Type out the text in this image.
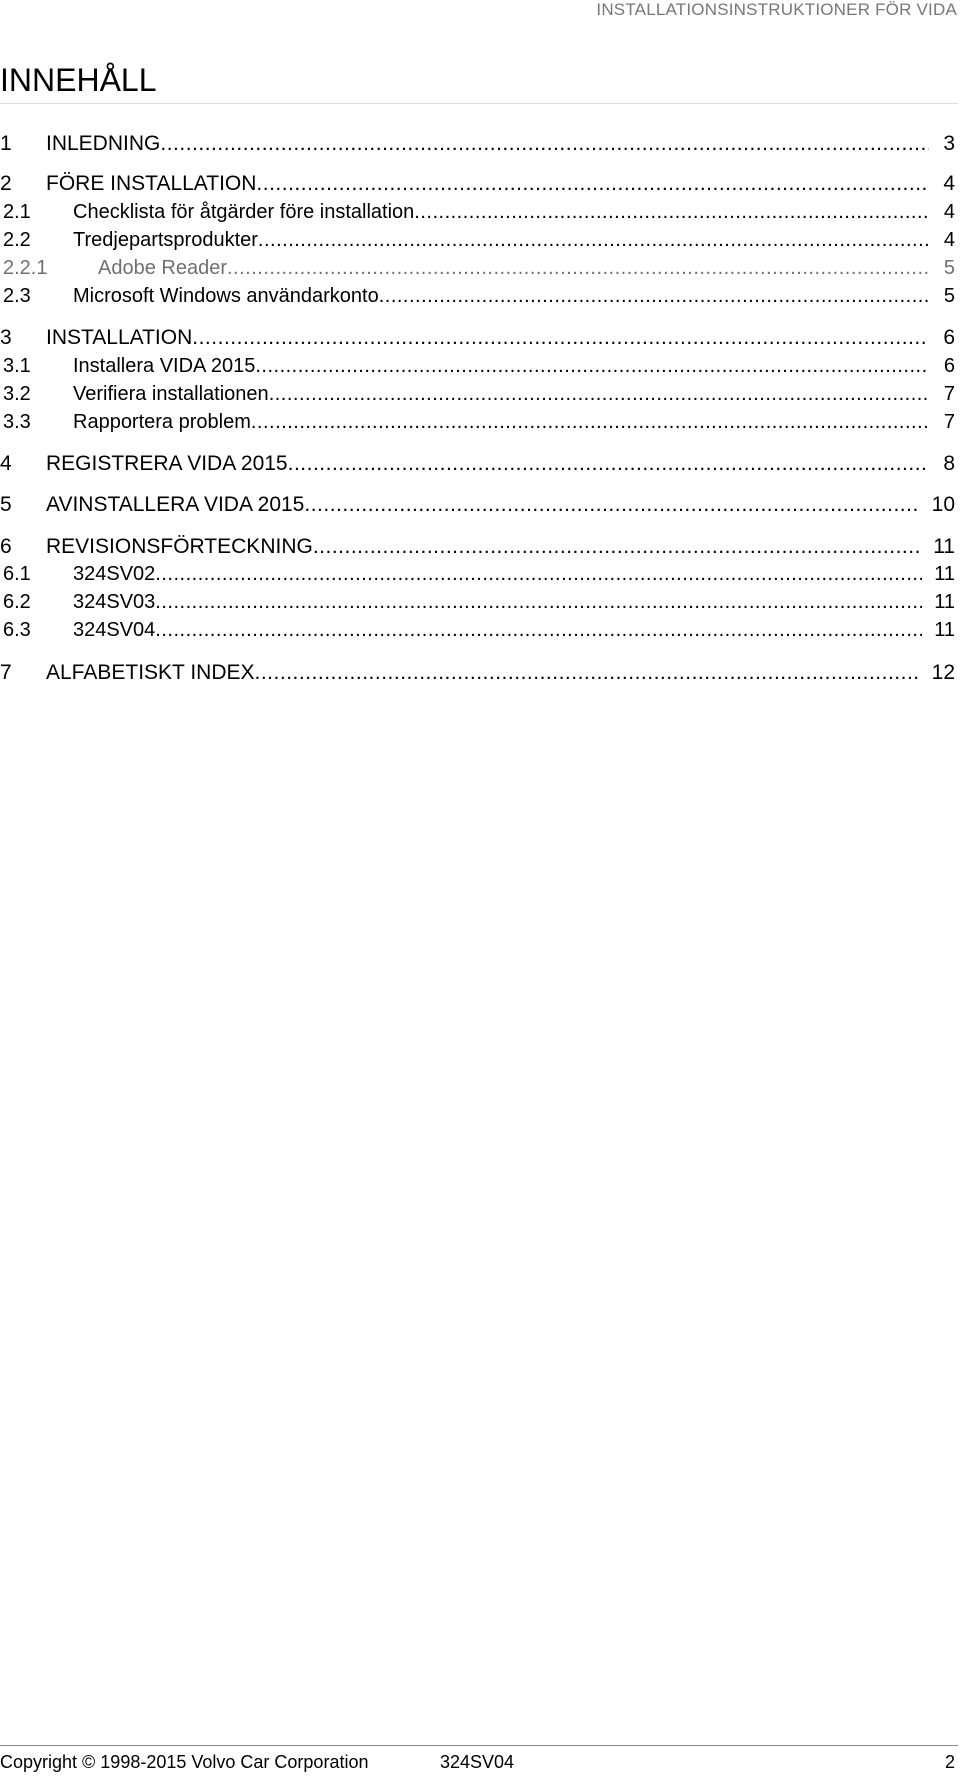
INSTALLATIONSINSTRUKTIONER FÖR VIDA
INNEHÅLL
1	INLEDNING .....	3
2	FÖRE INSTALLATION .....	4
2.1	Checklista för åtgärder före installation .....	4
2.2	Tredjepartsprodukter .....	4
2.2.1	Adobe Reader .....	5
2.3	Microsoft Windows användarkonto .....	5
3	INSTALLATION .....	6
3.1	Installera VIDA 2015 .....	6
3.2	Verifiera installationen .....	7
3.3	Rapportera problem .....	7
4	REGISTRERA VIDA 2015 .....	8
5	AVINSTALLERA VIDA 2015 .....	10
6	REVISIONSFÖRTECKNING .....	11
6.1	324SV02 .....	11
6.2	324SV03 .....	11
6.3	324SV04 .....	11
7	ALFABETISKT INDEX .....	12
Copyright © 1998-2015 Volvo Car Corporation	324SV04	2
